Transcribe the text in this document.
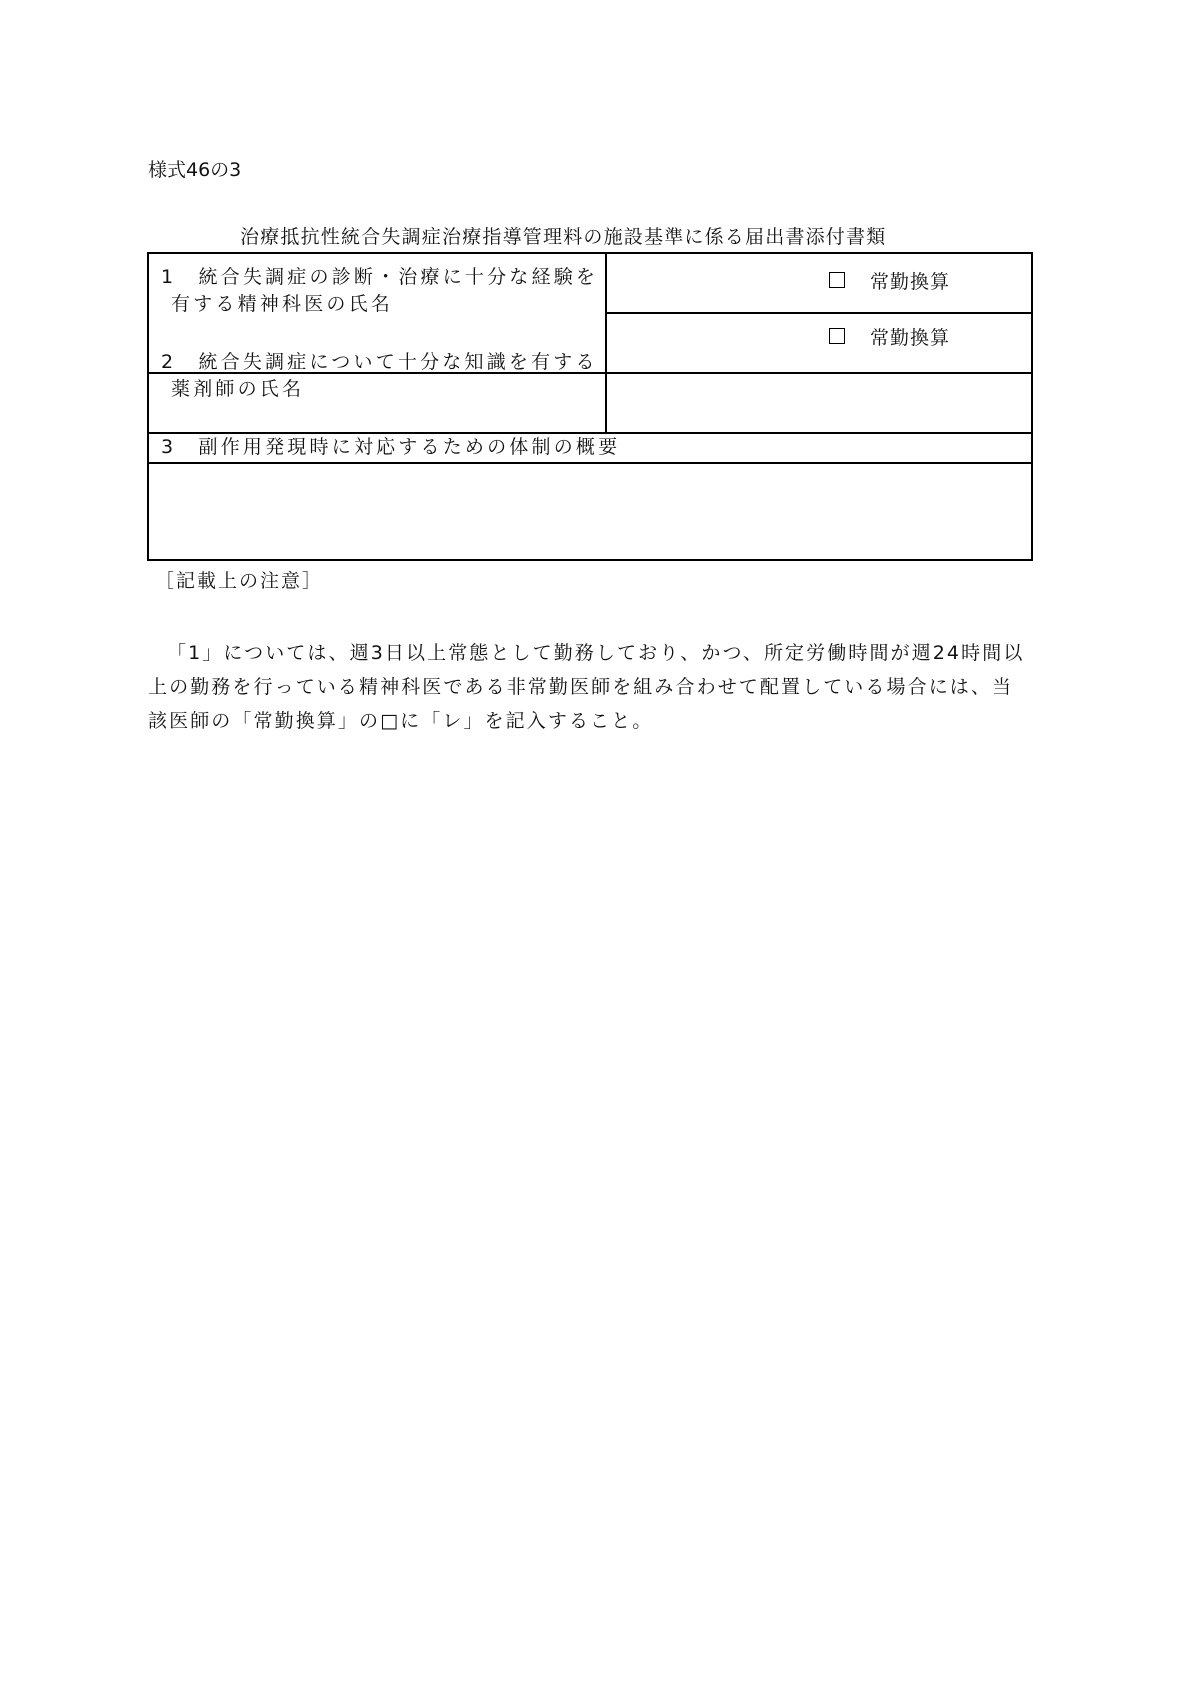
様式46の3
治療抵抗性統合失調症治療指導管理料の施設基準に係る届出書添付書類
1　統合失調症の診断・治療に十分な経験を
有する精神科医の氏名
常勤換算
常勤換算
2　統合失調症について十分な知識を有する
薬剤師の氏名
3　副作用発現時に対応するための体制の概要
［記載上の注意］
「1」については、週3日以上常態として勤務しており、かつ、所定労働時間が週24時間以
上の勤務を行っている精神科医である非常勤医師を組み合わせて配置している場合には、当
該医師の「常勤換算」の□に「レ」を記入すること。
